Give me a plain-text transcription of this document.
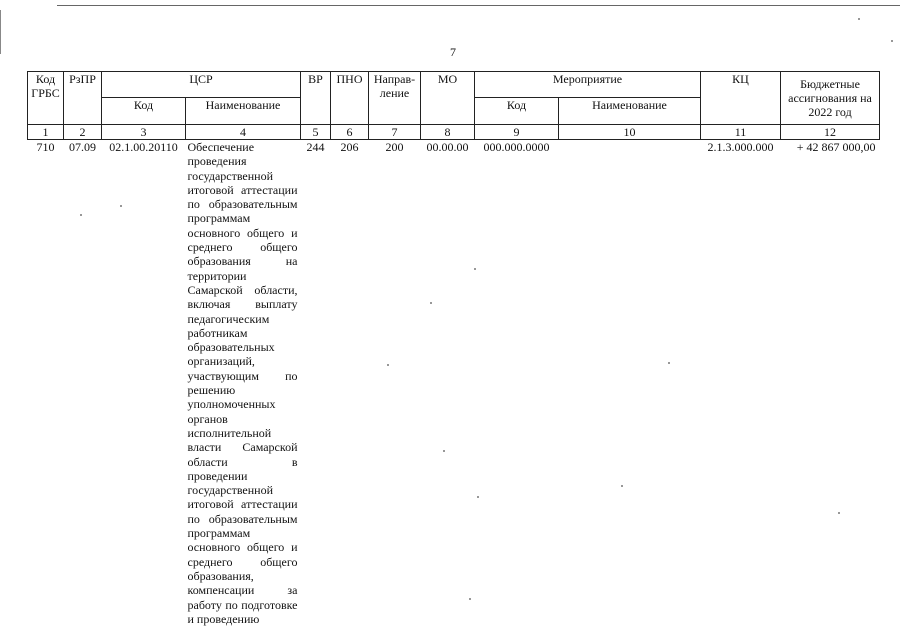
7
Код ГРБС	РзПР	ЦСР		ВР	ПНО	Направ-ление	МО	Мероприятие		КЦ	Бюджетные ассигнования на 2022 год
		Код	Наименование					Код	Наименование		
1	2	3	4	5	6	7	8	9	10	11	12
710	07.09	02.1.00.20110	Обеспечение проведения государственной итоговой аттестации по образовательным программам основного общего и среднего общего образования на территории Самарской области, включая выплату педагогическим работникам образовательных организаций, участвующим по решению уполномоченных органов исполнительной власти Самарской области в проведении государственной итоговой аттестации по образовательным программам основного общего и среднего общего образования, компенсации за работу по подготовке и проведению	244	206	200	00.00.00	000.000.0000		2.1.3.000.000	+ 42 867 000,00
